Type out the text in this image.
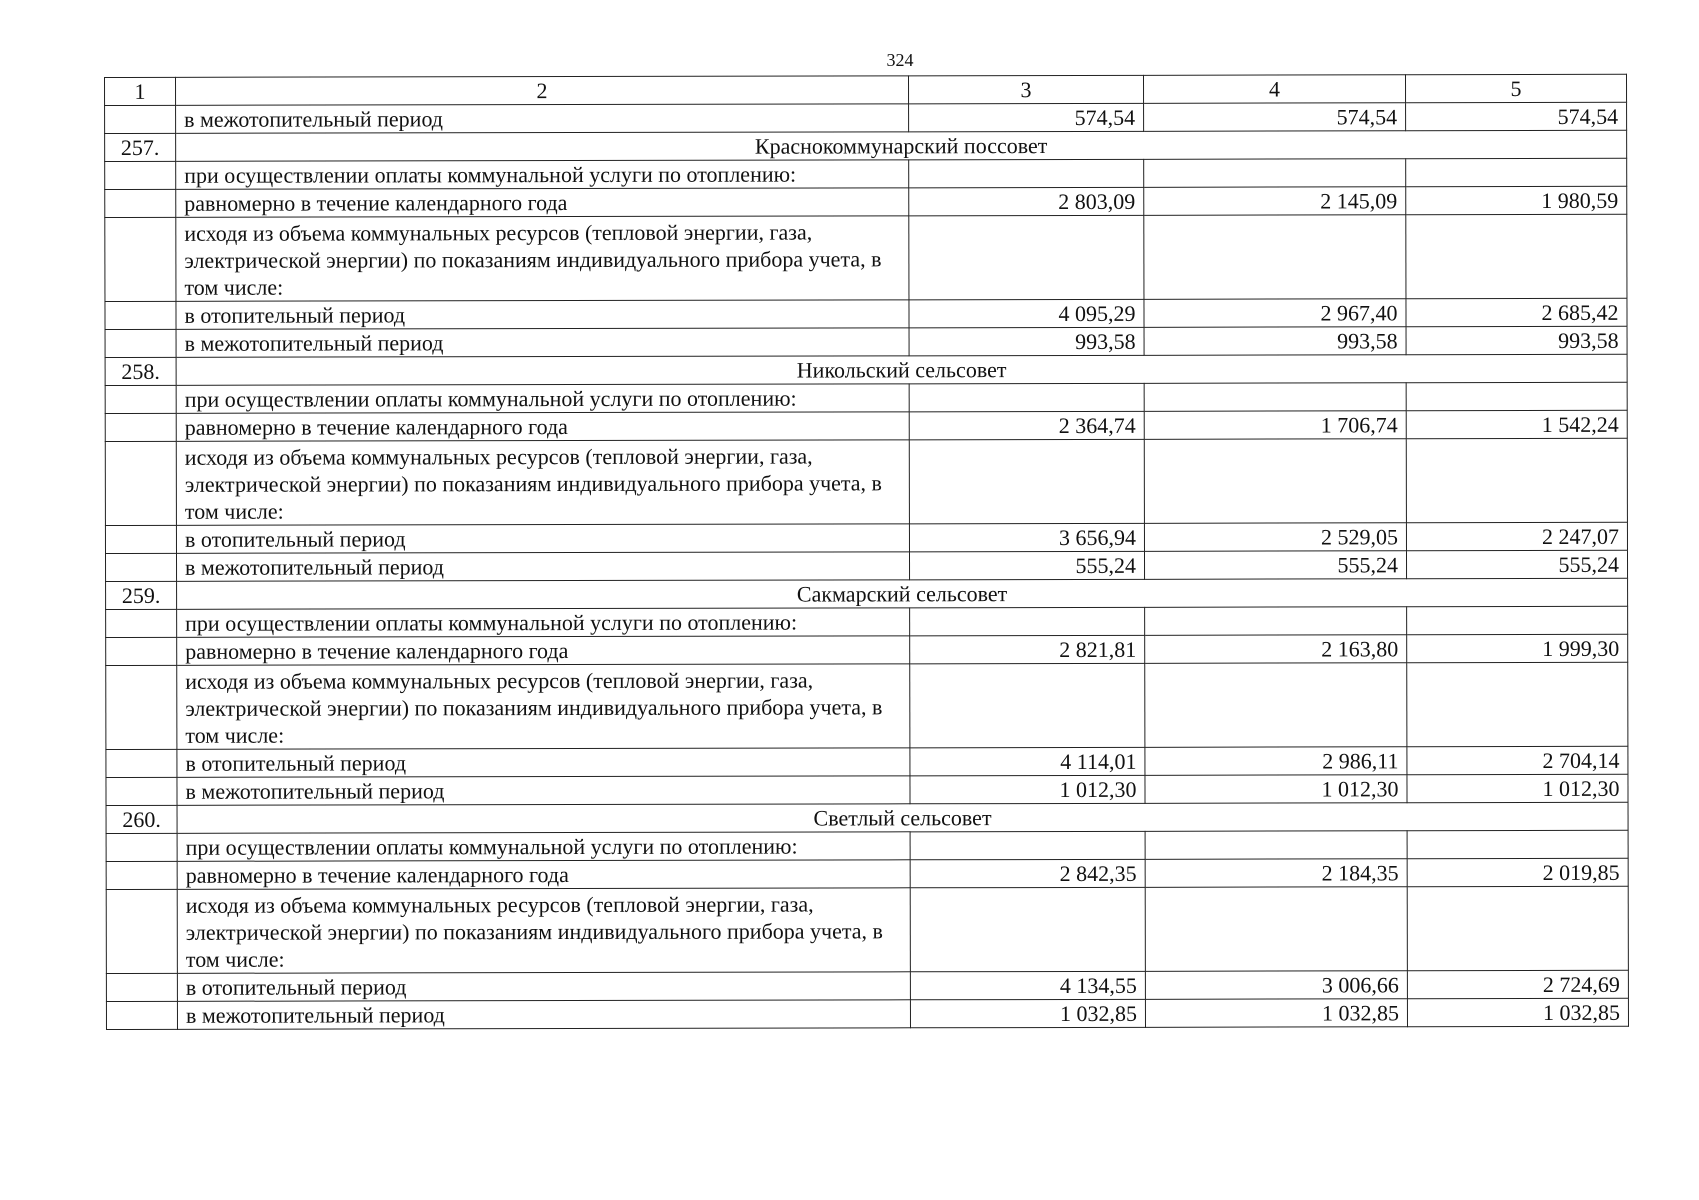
324
1	2	3	4	5
	в межотопительный период	574,54	574,54	574,54
257.	Краснокоммунарский поссовет			
	при осуществлении оплаты коммунальной услуги по отоплению:			
	равномерно в течение календарного года	2 803,09	2 145,09	1 980,59
	исходя из объема коммунальных ресурсов (тепловой энергии, газа, электрической энергии) по показаниям индивидуального прибора учета, в том числе:			
	в отопительный период	4 095,29	2 967,40	2 685,42
	в межотопительный период	993,58	993,58	993,58
258.	Никольский сельсовет			
	при осуществлении оплаты коммунальной услуги по отоплению:			
	равномерно в течение календарного года	2 364,74	1 706,74	1 542,24
	исходя из объема коммунальных ресурсов (тепловой энергии, газа, электрической энергии) по показаниям индивидуального прибора учета, в том числе:			
	в отопительный период	3 656,94	2 529,05	2 247,07
	в межотопительный период	555,24	555,24	555,24
259.	Сакмарский сельсовет			
	при осуществлении оплаты коммунальной услуги по отоплению:			
	равномерно в течение календарного года	2 821,81	2 163,80	1 999,30
	исходя из объема коммунальных ресурсов (тепловой энергии, газа, электрической энергии) по показаниям индивидуального прибора учета, в том числе:			
	в отопительный период	4 114,01	2 986,11	2 704,14
	в межотопительный период	1 012,30	1 012,30	1 012,30
260.	Светлый сельсовет			
	при осуществлении оплаты коммунальной услуги по отоплению:			
	равномерно в течение календарного года	2 842,35	2 184,35	2 019,85
	исходя из объема коммунальных ресурсов (тепловой энергии, газа, электрической энергии) по показаниям индивидуального прибора учета, в том числе:			
	в отопительный период	4 134,55	3 006,66	2 724,69
	в межотопительный период	1 032,85	1 032,85	1 032,85
